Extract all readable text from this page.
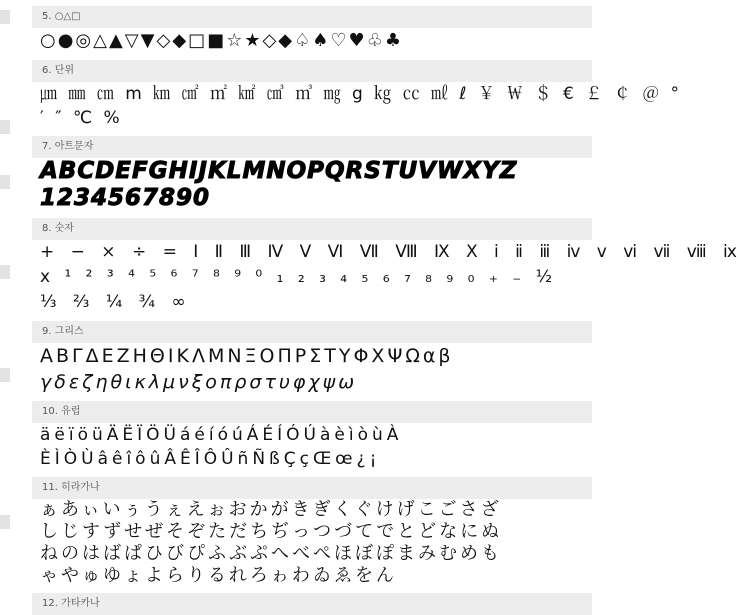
5. ○△□
○●◎△▲▽▼◇◆□■☆★◇◆♤♠♡♥♧♣
6. 단위
㎛ ㎜ ㎝ m ㎞ ㎠ ㎡ ㎢ ㎤ ㎥ ㎎ g ㎏ ㏄ ㎖ ℓ ￥ ￦ ＄ € ￡ ￠ ＠ °
′ ″ ℃ %
7. 아트문자
ABCDEFGHIJKLMNOPQRSTUVWXYZ
1234567890
8. 숫자
+ − × ÷ = Ⅰ Ⅱ Ⅲ Ⅳ Ⅴ Ⅵ Ⅶ Ⅷ Ⅸ Ⅹ ⅰ ⅱ ⅲ ⅳ ⅴ ⅵ ⅶ ⅷ ⅸ
ⅹ ¹ ² ³ ⁴ ⁵ ⁶ ⁷ ⁸ ⁹ ⁰ ₁ ₂ ₃ ₄ ₅ ₆ ₇ ₈ ₉ ₀ ₊ ₋ ½
⅓ ⅔ ¼ ¾ ∞
9. 그리스
ΑΒΓΔΕΖΗΘΙΚΛΜΝΞΟΠΡΣΤΥΦΧΨΩαβ
γδεζηθικλμνξοπρστυφχψω
10. 유럽
äëïöüÄËÏÖÜáéíóúÁÉÍÓÚàèìòùÀ
ÈÌÒÙâêîôûÂÊÎÔÛñÑßÇçŒœ¿¡
11. 히라가나
ぁあぃいぅうぇえぉおかがきぎくぐけげこごさざ
しじすずせぜそぞただちぢっつづてでとどなにぬ
ねのはばぱひびぴふぶぷへべぺほぼぽまみむめも
ゃやゅゆょよらりるれろゎわゐゑをん
12. 가타카나
